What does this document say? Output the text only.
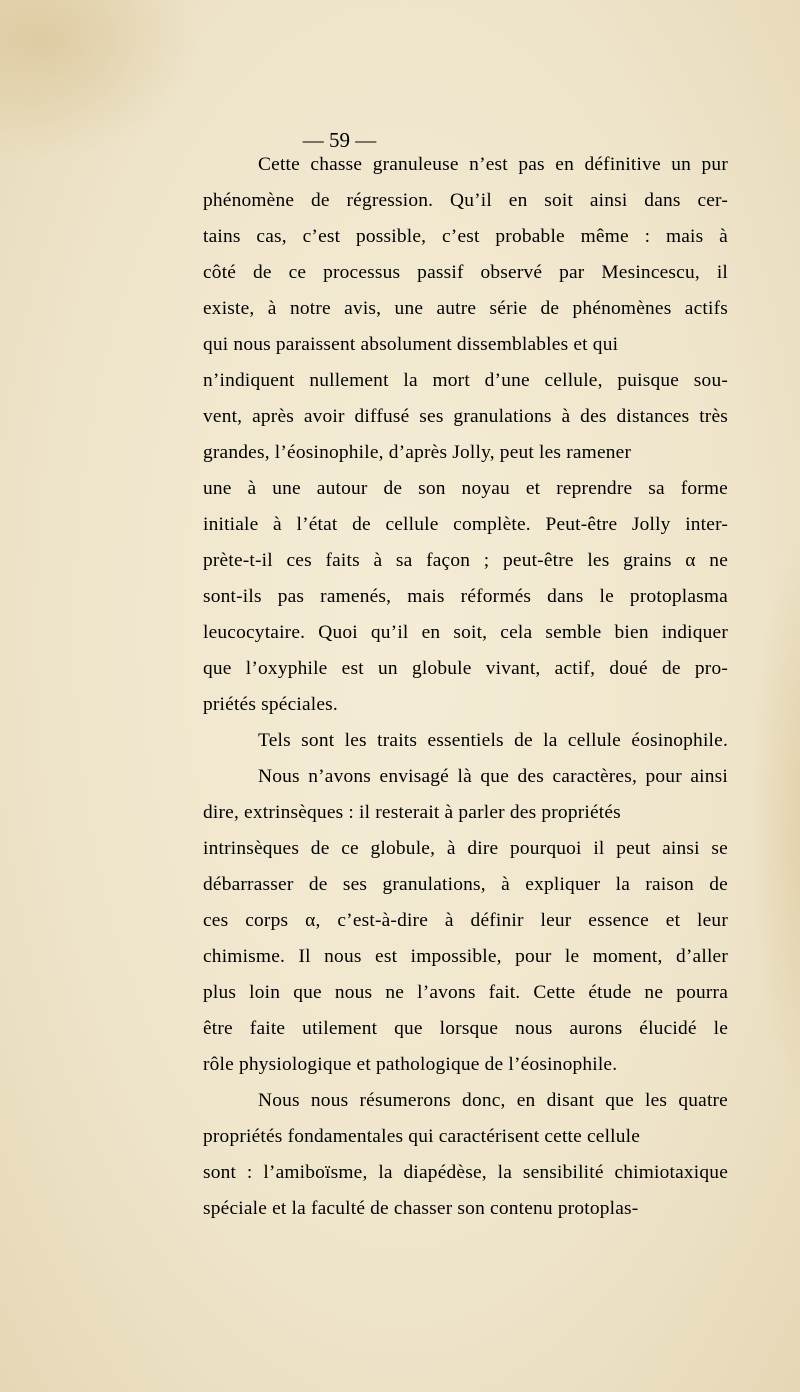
— 59 —
Cette chasse granuleuse n’est pas en définitive un pur
phénomène de régression. Qu’il en soit ainsi dans cer-
tains cas, c’est possible, c’est probable même : mais à
côté de ce processus passif observé par Mesincescu, il
existe, à notre avis, une autre série de phénomènes actifs
qui nous paraissent absolument dissemblables et qui
n’indiquent nullement la mort d’une cellule, puisque sou-
vent, après avoir diffusé ses granulations à des distances très
grandes, l’éosinophile, d’après Jolly, peut les ramener
une à une autour de son noyau et reprendre sa forme
initiale à l’état de cellule complète. Peut-être Jolly inter-
prète-t-il ces faits à sa façon ; peut-être les grains α ne
sont-ils pas ramenés, mais réformés dans le protoplasma
leucocytaire. Quoi qu’il en soit, cela semble bien indiquer
que l’oxyphile est un globule vivant, actif, doué de pro-
priétés spéciales.
Tels sont les traits essentiels de la cellule éosinophile.
Nous n’avons envisagé là que des caractères, pour ainsi
dire, extrinsèques : il resterait à parler des propriétés
intrinsèques de ce globule, à dire pourquoi il peut ainsi se
débarrasser de ses granulations, à expliquer la raison de
ces corps α, c’est-à-dire à définir leur essence et leur
chimisme. Il nous est impossible, pour le moment, d’aller
plus loin que nous ne l’avons fait. Cette étude ne pourra
être faite utilement que lorsque nous aurons élucidé le
rôle physiologique et pathologique de l’éosinophile.
Nous nous résumerons donc, en disant que les quatre
propriétés fondamentales qui caractérisent cette cellule
sont : l’amiboïsme, la diapédèse, la sensibilité chimiotaxique
spéciale et la faculté de chasser son contenu protoplas-
